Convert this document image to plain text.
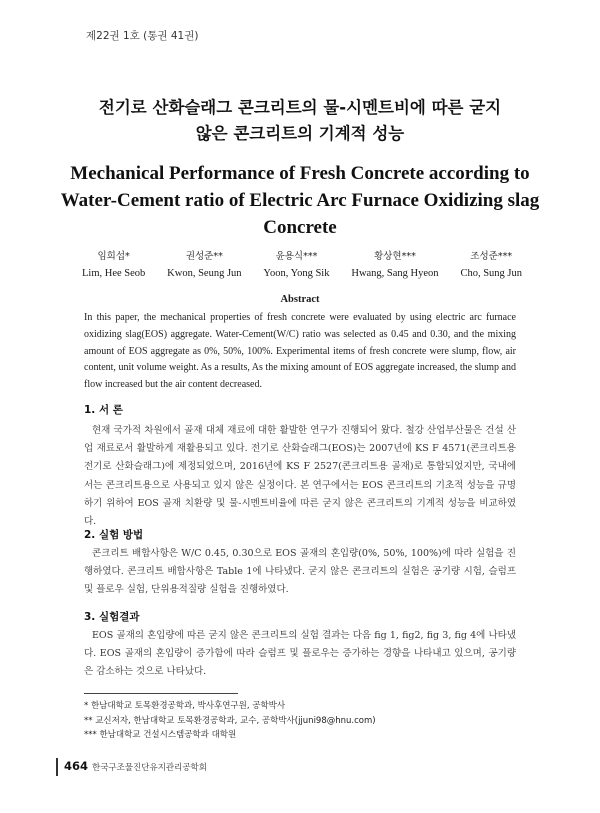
제22권 1호 (통권 41권)
전기로 산화슬래그 콘크리트의 물-시멘트비에 따른 굳지
않은 콘크리트의 기계적 성능
Mechanical Performance of Fresh Concrete according to
Water-Cement ratio of Electric Arc Furnace Oxidizing slag
Concrete
임희섭*
Lim, Hee Seob
권성준**
Kwon, Seung Jun
윤용식***
Yoon, Yong Sik
황상현***
Hwang, Sang Hyeon
조성준***
Cho, Sung Jun
Abstract
In this paper, the mechanical properties of fresh concrete were evaluated by using electric arc furnace oxidizing slag(EOS) aggregate. Water-Cement(W/C) ratio was selected as 0.45 and 0.30, and the mixing amount of EOS aggregate as 0%, 50%, 100%. Experimental items of fresh concrete were slump, flow, air content, unit volume weight. As a results, As the mixing amount of EOS aggregate increased, the slump and flow increased but the air content decreased.
1. 서 론
현재 국가적 차원에서 골재 대체 재료에 대한 활발한 연구가 진행되어 왔다. 철강 산업부산물은 건설 산업 재료로서 활발하게 재활용되고 있다. 전기로 산화슬래그(EOS)는 2007년에 KS F 4571(콘크리트용 전기로 산화슬래그)에 제정되었으며, 2016년에 KS F 2527(콘크리트용 골재)로 통합되었지만, 국내에서는 콘크리트용으로 사용되고 있지 않은 실정이다. 본 연구에서는 EOS 콘크리트의 기초적 성능을 규명하기 위하여 EOS 골재 치환량 및 물-시멘트비율에 따른 굳지 않은 콘크리트의 기계적 성능을 비교하였다.
2. 실험 방법
콘크리트 배합사항은 W/C 0.45, 0.30으로 EOS 골재의 혼입량(0%, 50%, 100%)에 따라 실험을 진행하였다. 콘크리트 배합사항은 Table 1에 나타냈다. 굳지 않은 콘크리트의 실험은 공기량 시험, 슬럼프 및 플로우 실험, 단위용적질량 실험을 진행하였다.
3. 실험결과
EOS 골재의 혼입량에 따른 굳지 않은 콘크리트의 실험 결과는 다음 fig 1, fig2, fig 3, fig 4에 나타냈다. EOS 골재의 혼입량이 증가함에 따라 슬럼프 및 플로우는 증가하는 경향을 나타내고 있으며, 공기량은 감소하는 것으로 나타났다.
* 한남대학교 토목환경공학과, 박사후연구원, 공학박사
** 교신저자, 한남대학교 토목환경공학과, 교수, 공학박사(jjuni98@hnu.com)
*** 한남대학교 건설시스템공학과 대학원
464 한국구조물진단유지관리공학회
